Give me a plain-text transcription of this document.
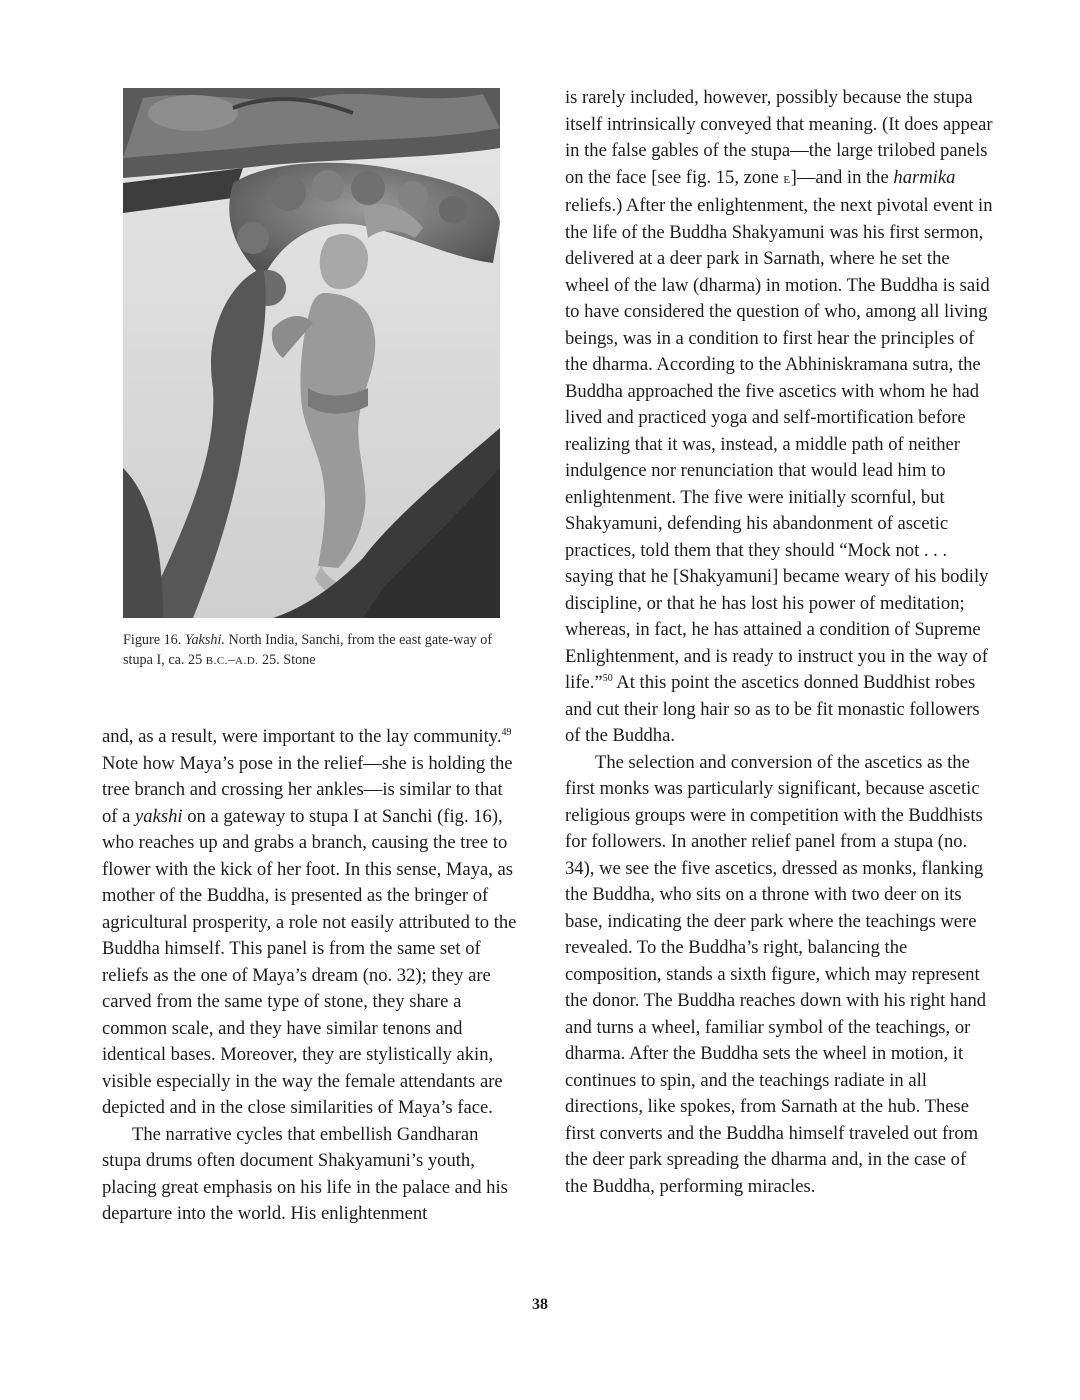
Figure 16. Yakshi. North India, Sanchi, from the east gate-way of stupa I, ca. 25 B.C.–A.D. 25. Stone

and, as a result, were important to the lay community.$^{49}$ Note how Maya’s pose in the relief—she is holding the tree branch and crossing her ankles—is similar to that of a yakshi on a gateway to stupa I at Sanchi (fig. 16), who reaches up and grabs a branch, causing the tree to flower with the kick of her foot. In this sense, Maya, as mother of the Buddha, is presented as the bringer of agricultural prosperity, a role not easily attributed to the Buddha himself. This panel is from the same set of reliefs as the one of Maya’s dream (no. 32); they are carved from the same type of stone, they share a common scale, and they have similar tenons and identical bases. Moreover, they are stylistically akin, visible especially in the way the female attendants are depicted and in the close similarities of Maya’s face.

The narrative cycles that embellish Gandharan stupa drums often document Shakyamuni’s youth, placing great emphasis on his life in the palace and his departure into the world. His enlightenment

is rarely included, however, possibly because the stupa itself intrinsically conveyed that meaning. (It does appear in the false gables of the stupa—the large trilobed panels on the face [see fig. 15, zone E]—and in the harmika reliefs.) After the enlightenment, the next pivotal event in the life of the Buddha Shakyamuni was his first sermon, delivered at a deer park in Sarnath, where he set the wheel of the law (dharma) in motion. The Buddha is said to have considered the question of who, among all living beings, was in a condition to first hear the principles of the dharma. According to the Abhiniskramana sutra, the Buddha approached the five ascetics with whom he had lived and practiced yoga and self-mortification before realizing that it was, instead, a middle path of neither indulgence nor renunciation that would lead him to enlightenment. The five were initially scornful, but Shakyamuni, defending his abandonment of ascetic practices, told them that they should “Mock not . . . saying that he [Shakyamuni] became weary of his bodily discipline, or that he has lost his power of meditation; whereas, in fact, he has attained a condition of Supreme Enlightenment, and is ready to instruct you in the way of life.”$^{50}$ At this point the ascetics donned Buddhist robes and cut their long hair so as to be fit monastic followers of the Buddha.

The selection and conversion of the ascetics as the first monks was particularly significant, because ascetic religious groups were in competition with the Buddhists for followers. In another relief panel from a stupa (no. 34), we see the five ascetics, dressed as monks, flanking the Buddha, who sits on a throne with two deer on its base, indicating the deer park where the teachings were revealed. To the Buddha’s right, balancing the composition, stands a sixth figure, which may represent the donor. The Buddha reaches down with his right hand and turns a wheel, familiar symbol of the teachings, or dharma. After the Buddha sets the wheel in motion, it continues to spin, and the teachings radiate in all directions, like spokes, from Sarnath at the hub. These first converts and the Buddha himself traveled out from the deer park spreading the dharma and, in the case of the Buddha, performing miracles.

38
